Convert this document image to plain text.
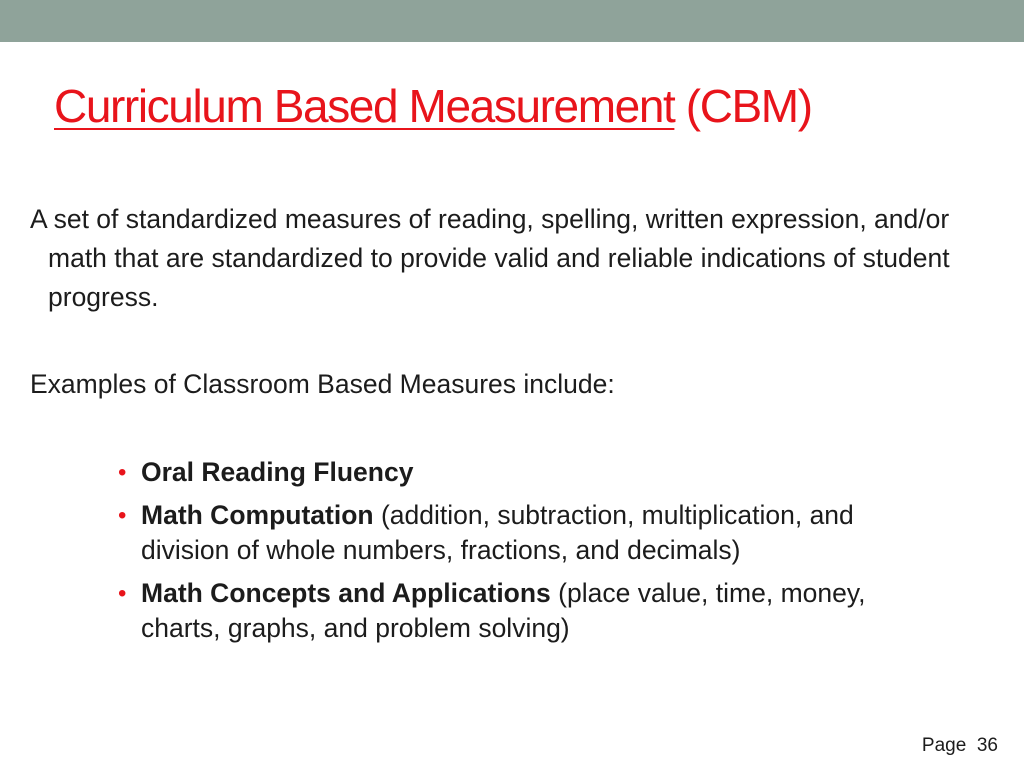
Curriculum Based Measurement (CBM)

A set of standardized measures of reading, spelling, written expression, and/or math that are standardized to provide valid and reliable indications of student progress.

Examples of Classroom Based Measures include:

• Oral Reading Fluency
• Math Computation (addition, subtraction, multiplication, and division of whole numbers, fractions, and decimals)
• Math Concepts and Applications (place value, time, money, charts, graphs, and problem solving)
Page 36
